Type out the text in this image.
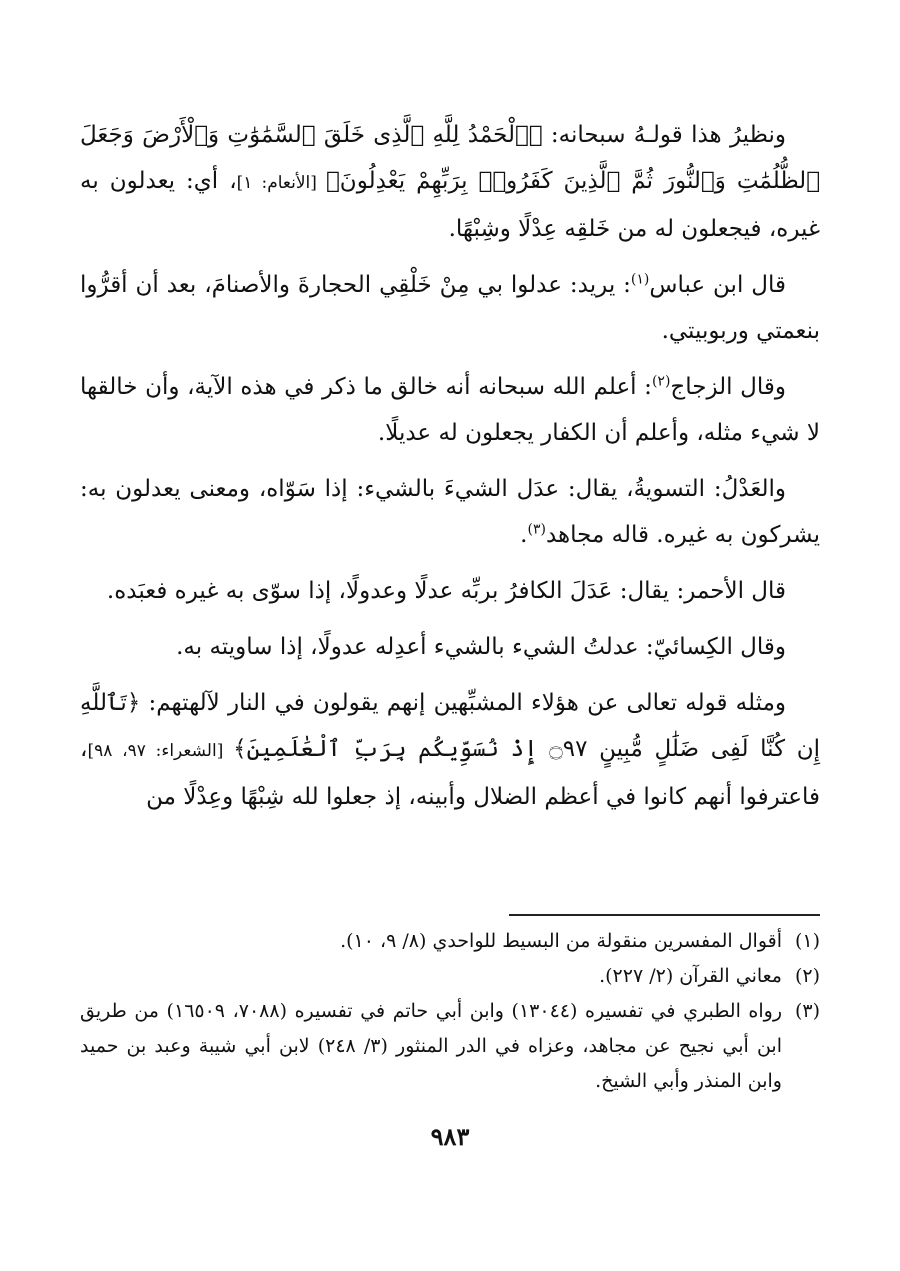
ونظيرُ هذا قولـهُ سبحانه: ﴿ٱلْحَمْدُ لِلَّهِ ٱلَّذِى خَلَقَ ٱلسَّمَٰوَٰتِ وَٱلْأَرْضَ وَجَعَلَ ٱلظُّلُمَٰتِ وَٱلنُّورَ ثُمَّ ٱلَّذِينَ كَفَرُوا۟ بِرَبِّهِمْ يَعْدِلُونَ﴾ [الأنعام: ١]، أي: يعدلون به غيره، فيجعلون له من خَلقِه عِدْلًا وشِبْهًا.

قال ابن عباس$^{(١)}$: يريد: عدلوا بي مِنْ خَلْقِي الحجارةَ والأصنامَ، بعد أن أقرُّوا بنعمتي وربوبيتي.

وقال الزجاج$^{(٢)}$: أعلم الله سبحانه أنه خالق ما ذكر في هذه الآية، وأن خالقها لا شيء مثله، وأعلم أن الكفار يجعلون له عديلًا.

والعَدْلُ: التسويةُ، يقال: عدَل الشيءَ بالشيء: إذا سَوّاه، ومعنى يعدلون به: يشركون به غيره. قاله مجاهد$^{(٣)}$.

قال الأحمر: يقال: عَدَلَ الكافرُ بربِّه عدلًا وعدولًا، إذا سوّى به غيره فعبَده.

وقال الكِسائيّ: عدلتُ الشيء بالشيء أعدِله عدولًا، إذا ساويته به.

ومثله قوله تعالى عن هؤلاء المشبِّهين إنهم يقولون في النار لآلهتهم: ﴿تَٱللَّهِ إِن كُنَّا لَفِى ضَلَٰلٍ مُّبِينٍ ۝٩٧ إِذْ نُسَوِّيكُم بِرَبِّ ٱلْعَٰلَمِينَ﴾ [الشعراء: ٩٧، ٩٨]، فاعترفوا أنهم كانوا في أعظم الضلال وأبينه، إذ جعلوا لله شِبْهًا وعِدْلًا من

(١)
أقوال المفسرين منقولة من البسيط للواحدي (٨/ ٩، ١٠).
(٢)
معاني القرآن (٢/ ٢٢٧).
(٣)
رواه الطبري في تفسيره (١٣٠٤٤) وابن أبي حاتم في تفسيره (٧٠٨٨، ١٦٥٠٩) من طريق ابن أبي نجيح عن مجاهد، وعزاه في الدر المنثور (٣/ ٢٤٨) لابن أبي شيبة وعبد بن حميد وابن المنذر وأبي الشيخ.
٩٨٣
